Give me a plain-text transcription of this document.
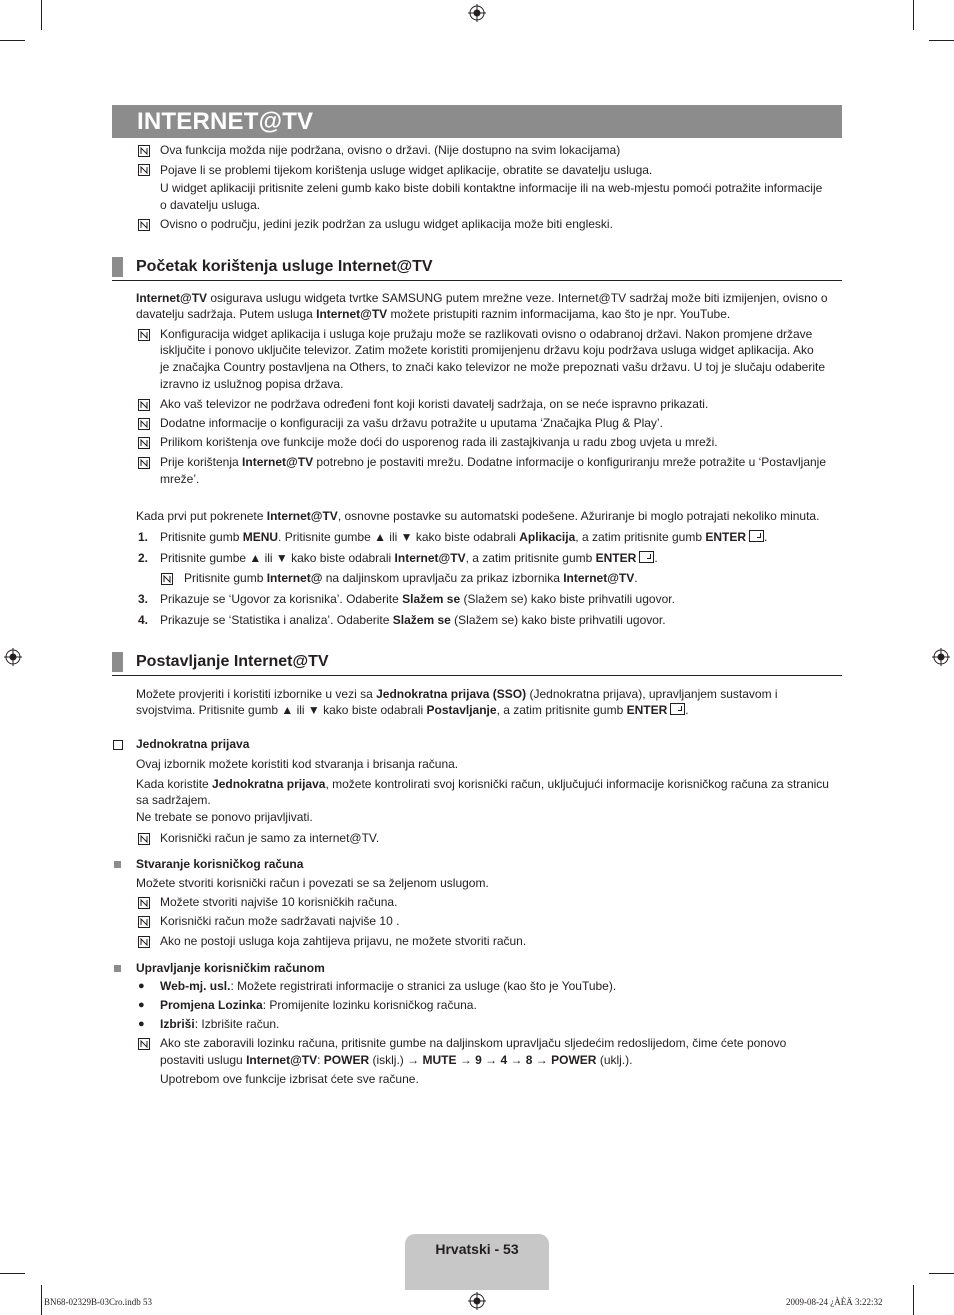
INTERNET@TV

Ova funkcija možda nije podržana, ovisno o državi. (Nije dostupno na svim lokacijama)

Pojave li se problemi tijekom korištenja usluge widget aplikacije, obratite se davatelju usluga.

U widget aplikaciji pritisnite zeleni gumb kako biste dobili kontaktne informacije ili na web-mjestu pomoći potražite informacije

o davatelju usluga.

Ovisno o području, jedini jezik podržan za uslugu widget aplikacija može biti engleski.

Početak korištenja usluge Internet@TV

Internet@TV osigurava uslugu widgeta tvrtke SAMSUNG putem mrežne veze. Internet@TV sadržaj može biti izmijenjen, ovisno o

davatelju sadržaja. Putem usluga Internet@TV možete pristupiti raznim informacijama, kao što je npr. YouTube.

Konfiguracija widget aplikacija i usluga koje pružaju može se razlikovati ovisno o odabranoj državi. Nakon promjene države

isključite i ponovo uključite televizor. Zatim možete koristiti promijenjenu državu koju podržava usluga widget aplikacija. Ako

je značajka Country postavljena na Others, to znači kako televizor ne može prepoznati vašu državu. U toj je slučaju odaberite

izravno iz uslužnog popisa država.

Ako vaš televizor ne podržava određeni font koji koristi davatelj sadržaja, on se neće ispravno prikazati.

Dodatne informacije o konfiguraciji za vašu državu potražite u uputama ‘Značajka Plug & Play’.

Prilikom korištenja ove funkcije može doći do usporenog rada ili zastajkivanja u radu zbog uvjeta u mreži.

Prije korištenja Internet@TV potrebno je postaviti mrežu. Dodatne informacije o konfiguriranju mreže potražite u ‘Postavljanje

mreže’.

Kada prvi put pokrenete Internet@TV, osnovne postavke su automatski podešene. Ažuriranje bi moglo potrajati nekoliko minuta.

1. Pritisnite gumb MENU. Pritisnite gumbe ▲ ili ▼ kako biste odabrali Aplikacija, a zatim pritisnite gumb ENTER .

2. Pritisnite gumbe ▲ ili ▼ kako biste odabrali Internet@TV, a zatim pritisnite gumb ENTER .

Pritisnite gumb Internet@ na daljinskom upravljaču za prikaz izbornika Internet@TV.

3. Prikazuje se ‘Ugovor za korisnika’. Odaberite Slažem se (Slažem se) kako biste prihvatili ugovor.

4. Prikazuje se ‘Statistika i analiza’. Odaberite Slažem se (Slažem se) kako biste prihvatili ugovor.

Postavljanje Internet@TV

Možete provjeriti i koristiti izbornike u vezi sa Jednokratna prijava (SSO) (Jednokratna prijava), upravljanjem sustavom i

svojstvima. Pritisnite gumb ▲ ili ▼ kako biste odabrali Postavljanje, a zatim pritisnite gumb ENTER .

Jednokratna prijava

Ovaj izbornik možete koristiti kod stvaranja i brisanja računa.

Kada koristite Jednokratna prijava, možete kontrolirati svoj korisnički račun, uključujući informacije korisničkog računa za stranicu

sa sadržajem.

Ne trebate se ponovo prijavljivati.

Korisnički račun je samo za internet@TV.

Stvaranje korisničkog računa

Možete stvoriti korisnički račun i povezati se sa željenom uslugom.

Možete stvoriti najviše 10 korisničkih računa.

Korisnički račun može sadržavati najviše 10 .

Ako ne postoji usluga koja zahtijeva prijavu, ne možete stvoriti račun.

Upravljanje korisničkim računom

● Web-mj. usl.: Možete registrirati informacije o stranici za usluge (kao što je YouTube).

● Promjena Lozinka: Promijenite lozinku korisničkog računa.

● Izbriši: Izbrišite račun.

Ako ste zaboravili lozinku računa, pritisnite gumbe na daljinskom upravljaču sljedećim redoslijedom, čime ćete ponovo

postaviti uslugu Internet@TV: POWER (isklj.) → MUTE → 9 → 4 → 8 → POWER (uklj.).

Upotrebom ove funkcije izbrisat ćete sve račune.

Hrvatski - 53
BN68-02329B-03Cro.indb 53	2009-08-24 ¿ÀÈÄ 3:22:32
